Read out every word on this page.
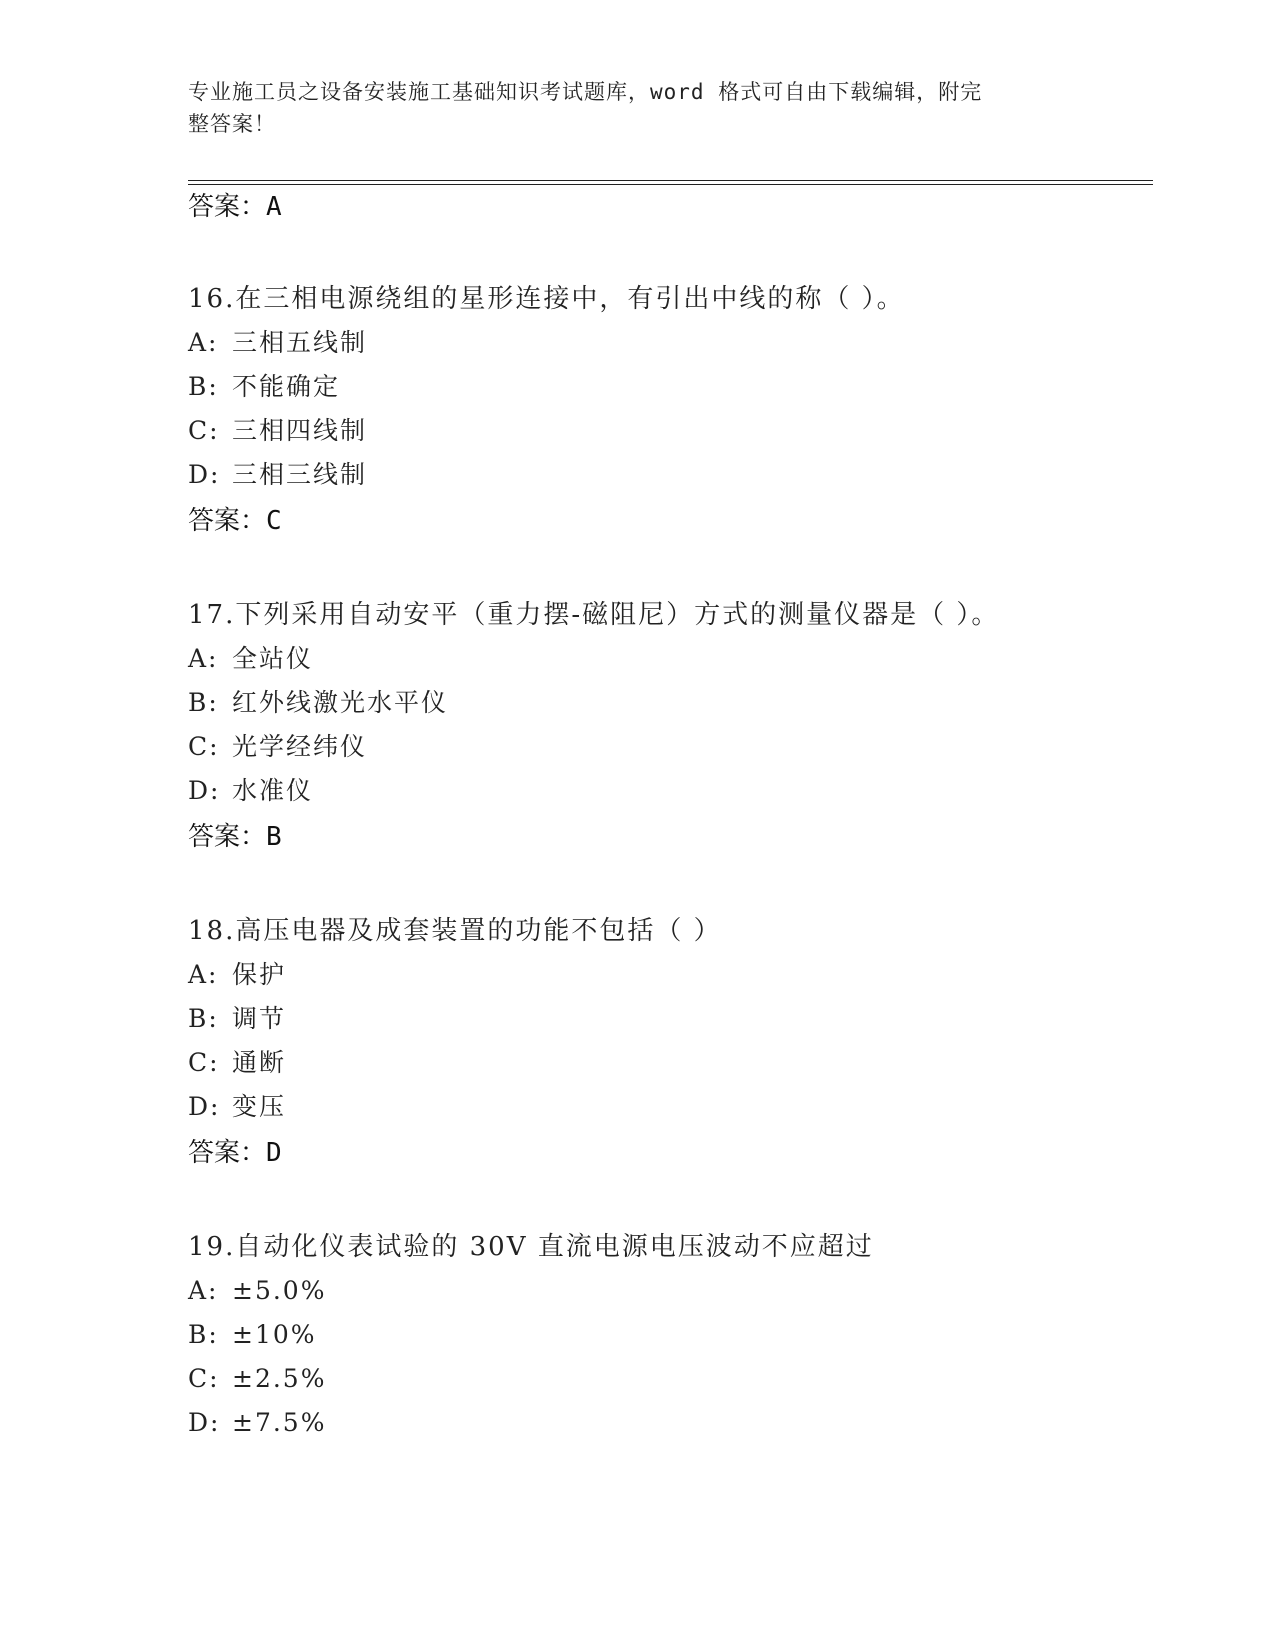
专业施工员之设备安装施工基础知识考试题库，word 格式可自由下载编辑，附完
整答案！
答案：A
16.在三相电源绕组的星形连接中，有引出中线的称（ ）。
A: 三相五线制
B: 不能确定
C: 三相四线制
D: 三相三线制
答案：C
17.下列采用自动安平（重力摆-磁阻尼）方式的测量仪器是（ ）。
A: 全站仪
B: 红外线激光水平仪
C: 光学经纬仪
D: 水准仪
答案：B
18.高压电器及成套装置的功能不包括（ ）
A: 保护
B: 调节
C: 通断
D: 变压
答案：D
19.自动化仪表试验的 30V 直流电源电压波动不应超过
A: ±5.0%
B: ±10%
C: ±2.5%
D: ±7.5%
